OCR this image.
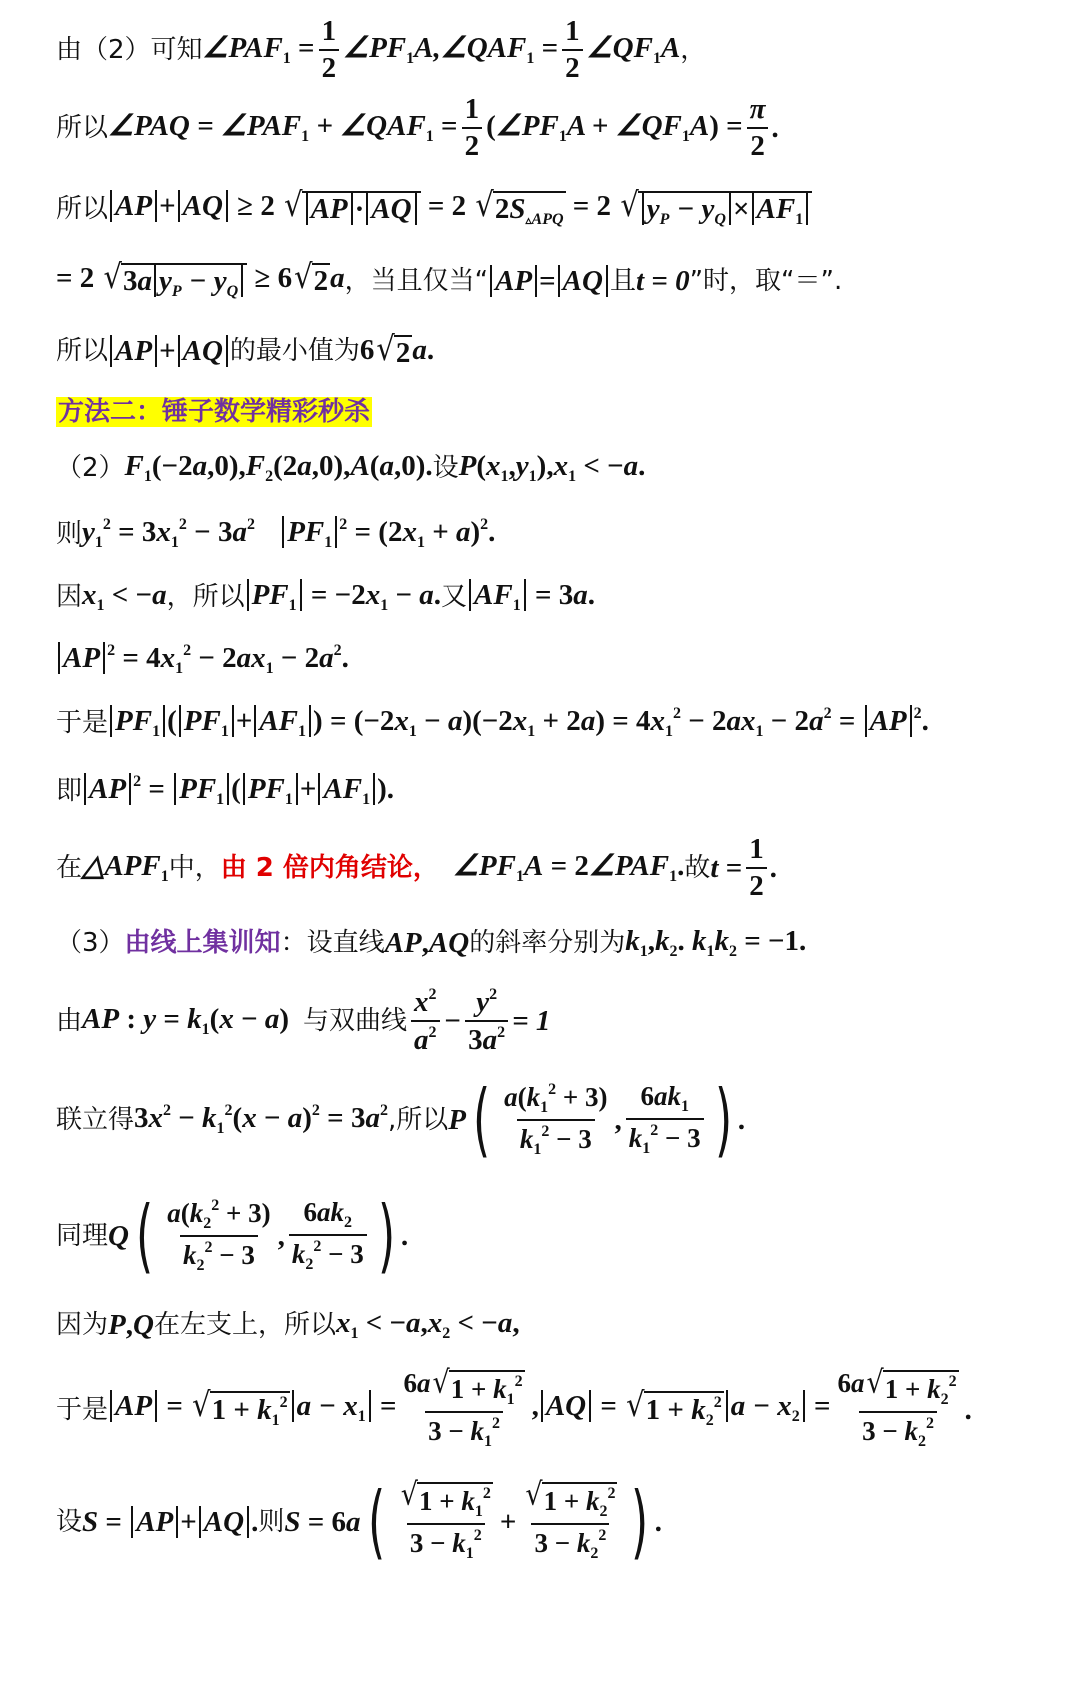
由（2）可知 $\angle PAF_1 = \frac{1}{2}$ $\angle PF_1A,\angle QAF_1 = \frac{1}{2}$ $\angle QF_1A$ ，
所以 ∠PAQ = $\angle PAF_1$ + $\angle QAF_1 = \frac{1}{2}$ ($\angle PF_1A$ + $\angle QF_1A) = \frac{\pi}{2}$ .
所以 AP + AQ ≥ 2 √ AP · AQ = 2 √ $2S_{▵APQ} = 2$ √ $y_P - y_Q \times AF_1$
= 2 √ 3a $y_P - y_Q \ge 6$ √ 2 a ，当且仅当“ AP = AQ 且 t = 0 ”时，取“＝”.
所以 AP + AQ 的最小值为 6 √ 2 a.
方法二：锤子数学精彩秒杀
（2） $F_1(-2a,0),F_2(2a,0),A(a,0)$. 设 $P(x_1,y_1),x_1 < -a$.
则 $y_1^2 = 3x_1^2 - 3a^2$ $PF_1^2 = (2x_1 + a)^2$.
因 $x_1 < -a$ ，所以 $PF_1 = -2x_1 - a$. 又 $AF_1 = 3a$.
AP $^2 = 4x_1^2 - 2ax_1 - 2a^2$.
于是 $PF_1$ ( $PF_1 + AF_1$ ) = $(-2x_1 - a)(-2x_1 + 2a) = 4x_1^2 - 2ax_1 - 2a^2$ = AP $^2$.
即 AP $^2 = PF_1$ ( $PF_1 + AF_1$ ).
在 $\triangle APF_1$ 中， 由 2 倍内角结论， $\angle PF_1A$ = $2\angle PAF_1$. 故 $t = \frac{1}{2}$ .
（3） 由线上集训知 ：设直线 AP,AQ 的斜率分别为 $k_1,k_2$. $k_1k_2 = -1$.
由 AP : $y = k_1(x - a)$ 与双曲线 $\frac{x^2}{a^2} - \frac{y^2}{3a^2} = 1$
联立得 $3x^2 - k_1^2(x - a)^2 = 3a^2$ ,所以 P ( $\frac{a(k_1^2 + 3)}{k_1^2 - 3}$ , $\frac{6ak_1}{k_1^2 - 3}$ ) .
同理 Q ( $\frac{a(k_2^2 + 3)}{k_2^2 - 3}$ , $\frac{6ak_2}{k_2^2 - 3}$ ) .
因为 P,Q 在左支上，所以 $x_1 < -a,x_2 < -a$,
于是 AP = √ $1 + k_1^2$ $a - x_1 = \frac{6a √ 1 + k_1^2}{3 - k_1^2}$ , AQ = √ $1 + k_2^2$ $a - x_2 = \frac{6a √ 1 + k_2^2}{3 - k_2^2}$ .
设 S = AP + AQ . 则 S = 6a ( $\frac{√ 1 + k_1^2}{3 - k_1^2} + \frac{√ 1 + k_2^2}{3 - k_2^2}$ ) .
